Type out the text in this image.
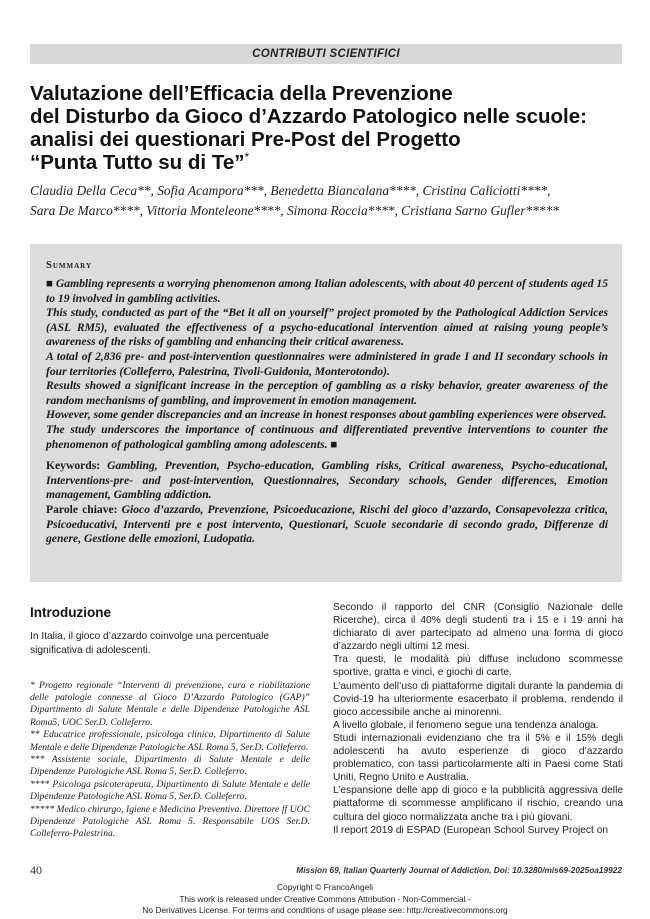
CONTRIBUTI SCIENTIFICI
Valutazione dell’Efficacia della Prevenzione
del Disturbo da Gioco d’Azzardo Patologico nelle scuole:
analisi dei questionari Pre-Post del Progetto
“Punta Tutto su di Te”*
Claudia Della Ceca**, Sofia Acampora***, Benedetta Biancalana****, Cristina Caliciotti****,
Sara De Marco****, Vittoria Monteleone****, Simona Roccia****, Cristiana Sarno Gufler*****
Summary

■ Gambling represents a worrying phenomenon among Italian adolescents, with about 40 percent of students aged 15 to 19 involved in gambling activities.

This study, conducted as part of the “Bet it all on yourself” project promoted by the Pathological Addiction Services (ASL RM5), evaluated the effectiveness of a psycho-educational intervention aimed at raising young people’s awareness of the risks of gambling and enhancing their critical awareness.

A total of 2,836 pre- and post-intervention questionnaires were administered in grade I and II secondary schools in four territories (Colleferro, Palestrina, Tivoli-Guidonia, Monterotondo).

Results showed a significant increase in the perception of gambling as a risky behavior, greater awareness of the random mechanisms of gambling, and improvement in emotion management.

However, some gender discrepancies and an increase in honest responses about gambling experiences were observed.

The study underscores the importance of continuous and differentiated preventive interventions to counter the phenomenon of pathological gambling among adolescents. ■

Keywords: Gambling, Prevention, Psycho-education, Gambling risks, Critical awareness, Psycho-educational, Interventions-pre- and post-intervention, Questionnaires, Secondary schools, Gender differences, Emotion management, Gambling addiction.

Parole chiave: Gioco d’azzardo, Prevenzione, Psicoeducazione, Rischi del gioco d’azzardo, Consapevolezza critica, Psicoeducativi, Interventi pre e post intervento, Questionari, Scuole secondarie di secondo grado, Differenze di genere, Gestione delle emozioni, Ludopatia.

Introduzione
In Italia, il gioco d’azzardo coinvolge una percentuale significativa di adolescenti.

* Progetto regionale “Interventi di prevenzione, cura e riabilitazione delle patologie connesse al Gioco D’Azzardo Patologico (GAP)” Dipartimento di Salute Mentale e delle Dipendenze Patologiche ASL Roma5, UOC Ser.D. Colleferro.

** Educatrice professionale, psicologa clinica, Dipartimento di Salute Mentale e delle Dipendenze Patologiche ASL Roma 5, Ser.D. Colleferro.

*** Assistente sociale, Dipartimento di Salute Mentale e delle Dipendenze Patologiche ASL Roma 5, Ser.D. Colleferro.

**** Psicologa psicoterapeuta, Dipartimento di Salute Mentale e delle Dipendenze Patologiche ASL Roma 5, Ser.D. Colleferro.

***** Medico chirurgo, Igiene e Medicina Preventiva. Direttore ff UOC Dipendenze Patologiche ASL Roma 5. Responsabile UOS Ser.D. Colleferro-Palestrina.

Secondo il rapporto del CNR (Consiglio Nazionale delle Ricerche), circa il 40% degli studenti tra i 15 e i 19 anni ha dichiarato di aver partecipato ad almeno una forma di gioco d’azzardo negli ultimi 12 mesi.

Tra questi, le modalità più diffuse includono scommesse sportive, gratta e vinci, e giochi di carte.

L’aumento dell’uso di piattaforme digitali durante la pandemia di Covid-19 ha ulteriormente esacerbato il problema, rendendo il gioco accessibile anche ai minorenni.

A livello globale, il fenomeno segue una tendenza analoga.

Studi internazionali evidenziano che tra il 5% e il 15% degli adolescenti ha avuto esperienze di gioco d’azzardo problematico, con tassi particolarmente alti in Paesi come Stati Uniti, Regno Unito e Australia.

L’espansione delle app di gioco e la pubblicità aggressiva delle piattaforme di scommesse amplificano il rischio, creando una cultura del gioco normalizzata anche tra i più giovani.

Il report 2019 di ESPAD (European School Survey Project on

40	Mission 69, Italian Quarterly Journal of Addiction, Doi: 10.3280/mis69-2025oa19922
Copyright © FrancoAngeli
This work is released under Creative Commons Attribution - Non-Commercial -
No Derivatives License. For terms and conditions of usage please see: http://creativecommons.org
